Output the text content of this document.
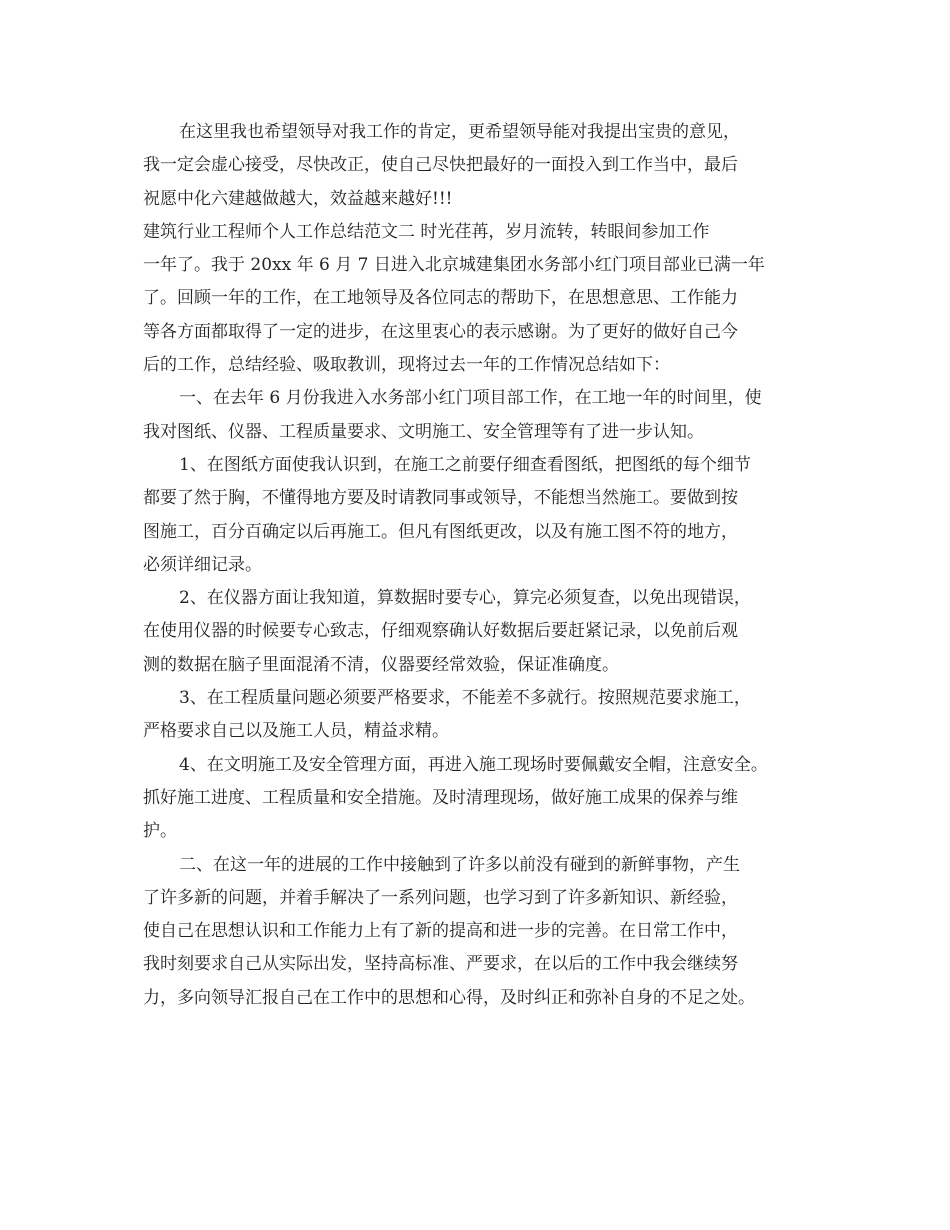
在这里我也希望领导对我工作的肯定，更希望领导能对我提出宝贵的意见，
我一定会虚心接受，尽快改正，使自己尽快把最好的一面投入到工作当中，最后
祝愿中化六建越做越大，效益越来越好!!!
建筑行业工程师个人工作总结范文二 时光荏苒，岁月流转，转眼间参加工作
一年了。我于 20xx 年 6 月 7 日进入北京城建集团水务部小红门项目部业已满一年
了。回顾一年的工作，在工地领导及各位同志的帮助下，在思想意思、工作能力
等各方面都取得了一定的进步，在这里衷心的表示感谢。为了更好的做好自己今
后的工作，总结经验、吸取教训，现将过去一年的工作情况总结如下：
一、在去年 6 月份我进入水务部小红门项目部工作，在工地一年的时间里，使
我对图纸、仪器、工程质量要求、文明施工、安全管理等有了进一步认知。
1、在图纸方面使我认识到，在施工之前要仔细查看图纸，把图纸的每个细节
都要了然于胸，不懂得地方要及时请教同事或领导，不能想当然施工。要做到按
图施工，百分百确定以后再施工。但凡有图纸更改，以及有施工图不符的地方，
必须详细记录。
2、在仪器方面让我知道，算数据时要专心，算完必须复查，以免出现错误，
在使用仪器的时候要专心致志，仔细观察确认好数据后要赶紧记录，以免前后观
测的数据在脑子里面混淆不清，仪器要经常效验，保证准确度。
3、在工程质量问题必须要严格要求，不能差不多就行。按照规范要求施工，
严格要求自己以及施工人员，精益求精。
4、在文明施工及安全管理方面，再进入施工现场时要佩戴安全帽，注意安全。
抓好施工进度、工程质量和安全措施。及时清理现场，做好施工成果的保养与维
护。
二、在这一年的进展的工作中接触到了许多以前没有碰到的新鲜事物，产生
了许多新的问题，并着手解决了一系列问题，也学习到了许多新知识、新经验，
使自己在思想认识和工作能力上有了新的提高和进一步的完善。在日常工作中，
我时刻要求自己从实际出发，坚持高标准、严要求，在以后的工作中我会继续努
力，多向领导汇报自己在工作中的思想和心得，及时纠正和弥补自身的不足之处。
